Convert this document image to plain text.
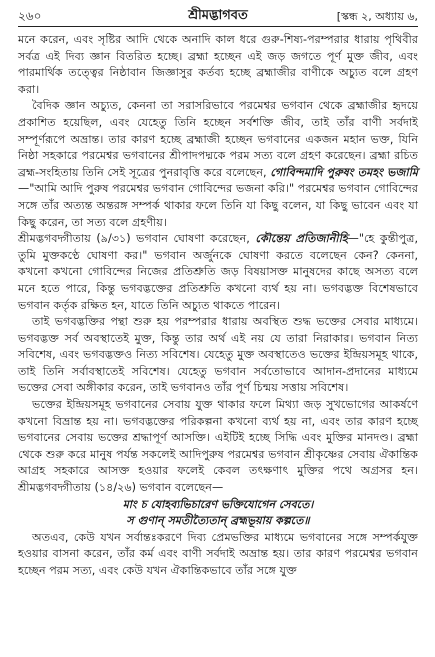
২৬০	শ্রীমদ্ভাগবত	[স্কন্ধ ২, অধ্যায় ৬,

মনে করেন, এবং সৃষ্টির আদি থেকে অনাদি কাল ধরে গুরু-শিষ্য-পরম্পরার ধারায় পৃথিবীর সর্বত্র এই দিব্য জ্ঞান বিতরিত হচ্ছে। ব্রহ্মা হচ্ছেন এই জড় জগতে পূর্ণ মুক্ত জীব, এবং পারমার্থিক তত্ত্বের নিষ্ঠাবান জিজ্ঞাসুর কর্তব্য হচ্ছে ব্রহ্মাজীর বাণীকে অচ্যুত বলে গ্রহণ করা।

বৈদিক জ্ঞান অচ্যুত, কেননা তা সরাসরিভাবে পরমেশ্বর ভগবান থেকে ব্রহ্মাজীর হৃদয়ে প্রকাশিত হয়েছিল, এবং যেহেতু তিনি হচ্ছেন সর্বশক্তি জীব, তাই তাঁর বাণী সর্বদাই সম্পূর্ণরূপে অভ্রান্ত। তার কারণ হচ্ছে ব্রহ্মাজী হচ্ছেন ভগবানের একজন মহান ভক্ত, যিনি নিষ্ঠা সহকারে পরমেশ্বর ভগবানের শ্রীপাদপদ্মকে পরম সত্য বলে গ্রহণ করেছেন। ব্রহ্মা রচিত ব্রহ্ম-সংহিতায় তিনি সেই সূত্রের পুনরাবৃত্তি করে বলেছেন, গোবিন্দমাদি পুরুষং তমহং ভজামি—"আমি আদি পুরুষ পরমেশ্বর ভগবান গোবিন্দের ভজনা করি।" পরমেশ্বর ভগবান গোবিন্দের সঙ্গে তাঁর অত্যন্ত অন্তরঙ্গ সম্পর্ক থাকার ফলে তিনি যা কিছু বলেন, যা কিছু ভাবেন এবং যা কিছু করেন, তা সত্য বলে গ্রহণীয়।

শ্রীমদ্ভগবদ্গীতায় (৯/৩১) ভগবান ঘোষণা করেছেন, কৌন্তেয় প্রতিজানীহি—"হে কুন্তীপুত্র, তুমি মুক্তকণ্ঠে ঘোষণা কর।" ভগবান অর্জুনকে ঘোষণা করতে বলেছেন কেন? কেননা, কখনো কখনো গোবিন্দের নিজের প্রতিশ্রুতি জড় বিষয়াসক্ত মানুষদের কাছে অসত্য বলে মনে হতে পারে, কিন্তু ভগবদ্ভক্তের প্রতিশ্রুতি কখনো ব্যর্থ হয় না। ভগবদ্ভক্ত বিশেষভাবে ভগবান কর্তৃক রক্ষিত হন, যাতে তিনি অচ্যুত থাকতে পারেন।

তাই ভগবদ্ভক্তির পন্থা শুরু হয় পরম্পরার ধারায় অবস্থিত শুদ্ধ ভক্তের সেবার মাধ্যমে। ভগবদ্ভক্ত সর্ব অবস্থাতেই মুক্ত, কিন্তু তার অর্থ এই নয় যে তারা নিরাকার। ভগবান নিত্য সবিশেষ, এবং ভগবদ্ভক্তও নিত্য সবিশেষ। যেহেতু মুক্ত অবস্থাতেও ভক্তের ইন্দ্রিয়সমূহ থাকে, তাই তিনি সর্বাবস্থাতেই সবিশেষ। যেহেতু ভগবান সর্বতোভাবে আদান-প্রদানের মাধ্যমে ভক্তের সেবা অঙ্গীকার করেন, তাই ভগবানও তাঁর পূর্ণ চিন্ময় সত্তায় সবিশেষ।

ভক্তের ইন্দ্রিয়সমূহ ভগবানের সেবায় যুক্ত থাকার ফলে মিথ্যা জড় সুখভোগের আকর্ষণে কখনো বিভ্রান্ত হয় না। ভগবদ্ভক্তের পরিকল্পনা কখনো ব্যর্থ হয় না, এবং তার কারণ হচ্ছে ভগবানের সেবায় ভক্তের শ্রদ্ধাপূর্ণ আসক্তি। এইটিই হচ্ছে সিদ্ধি এবং মুক্তির মানদণ্ড। ব্রহ্মা থেকে শুরু করে মানুষ পর্যন্ত সকলেই আদিপুরুষ পরমেশ্বর ভগবান শ্রীকৃষ্ণের সেবায় ঐকান্তিক আগ্রহ সহকারে আসক্ত হওয়ার ফলেই কেবল তৎক্ষণাৎ মুক্তির পথে অগ্রসর হন। শ্রীমদ্ভগবদ্গীতায় (১৪/২৬) ভগবান বলেছেন—

মাং চ যোহব্যভিচারেণ ভক্তিযোগেন সেবতে।
স গুণান্ সমতীত্যৈতান্ ব্রহ্মভূয়ায় কল্পতে॥

অতএব, কেউ যখন সর্বান্তঃকরণে দিব্য প্রেমভক্তির মাধ্যমে ভগবানের সঙ্গে সম্পর্কযুক্ত হওয়ার বাসনা করেন, তাঁর কর্ম এবং বাণী সর্বদাই অভ্রান্ত হয়। তার কারণ পরমেশ্বর ভগবান হচ্ছেন পরম সত্য, এবং কেউ যখন ঐকান্তিকভাবে তাঁর সঙ্গে যুক্ত
